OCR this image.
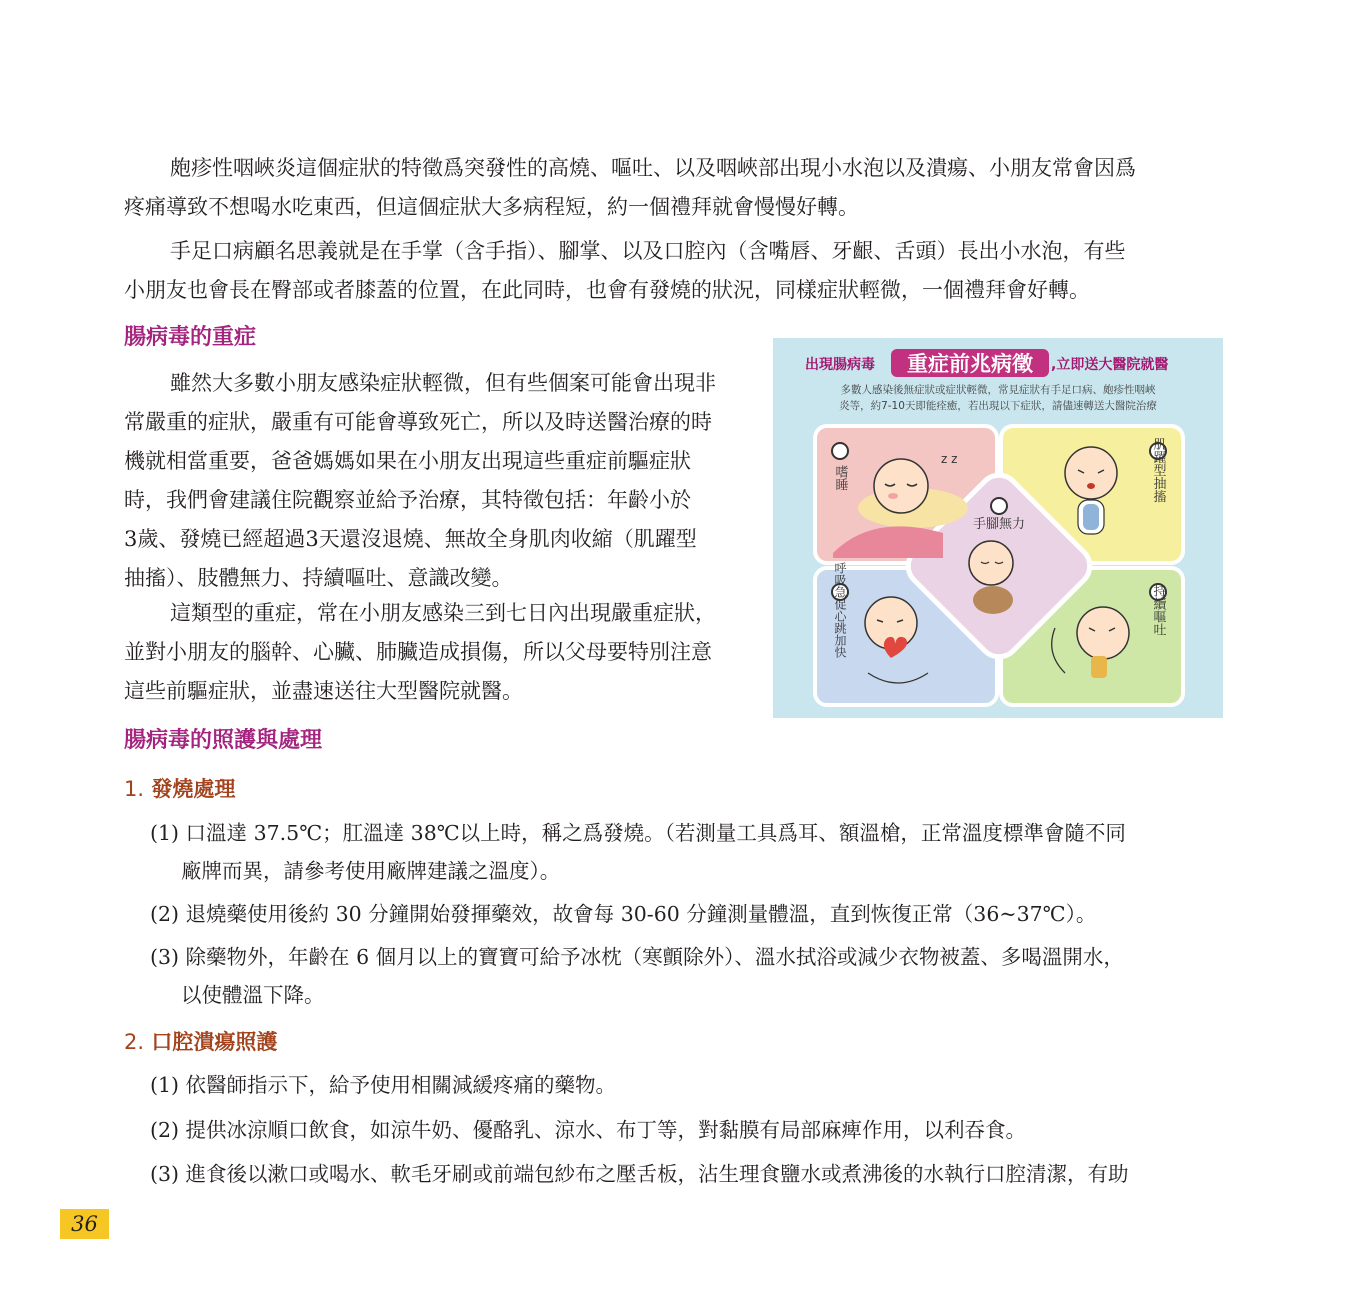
皰疹性咽峽炎這個症狀的特徵爲突發性的高燒、嘔吐、以及咽峽部出現小水泡以及潰瘍、小朋友常會因爲

疼痛導致不想喝水吃東西，但這個症狀大多病程短，約一個禮拜就會慢慢好轉。

手足口病顧名思義就是在手掌（含手指）、腳掌、以及口腔內（含嘴唇、牙齦、舌頭）長出小水泡，有些

小朋友也會長在臀部或者膝蓋的位置，在此同時，也會有發燒的狀況，同樣症狀輕微，一個禮拜會好轉。

腸病毒的重症

雖然大多數小朋友感染症狀輕微，但有些個案可能會出現非

常嚴重的症狀，嚴重有可能會導致死亡，所以及時送醫治療的時

機就相當重要，爸爸媽媽如果在小朋友出現這些重症前驅症狀

時，我們會建議住院觀察並給予治療，其特徵包括：年齡小於

3歲、發燒已經超過3天還沒退燒、無故全身肌肉收縮（肌躍型

抽搐）、肢體無力、持續嘔吐、意識改變。

這類型的重症，常在小朋友感染三到七日內出現嚴重症狀，

並對小朋友的腦幹、心臟、肺臟造成損傷，所以父母要特別注意

這些前驅症狀，並盡速送往大型醫院就醫。

出現腸病毒 重症前兆病徵 ,立即送大醫院就醫
多數人感染後無症狀或症狀輕微，常見症狀有手足口病、皰疹性咽峽
炎等，約7-10天即能痊癒，若出現以下症狀，請儘速轉送大醫院治療
嗜睡	肌躍型抽搐
呼吸急促心跳加快	持續嘔吐
手腳無力
z z
腸病毒的照護與處理
1. 發燒處理

(1) 口溫達 37.5℃；肛溫達 38℃以上時，稱之爲發燒。（若測量工具爲耳、額溫槍，正常溫度標準會隨不同

廠牌而異，請參考使用廠牌建議之溫度）。

(2) 退燒藥使用後約 30 分鐘開始發揮藥效，故會每 30-60 分鐘測量體溫，直到恢復正常（36~37℃）。

(3) 除藥物外，年齡在 6 個月以上的寶寶可給予冰枕（寒顫除外）、溫水拭浴或減少衣物被蓋、多喝溫開水，

以使體溫下降。

2. 口腔潰瘍照護

(1) 依醫師指示下，給予使用相關減緩疼痛的藥物。

(2) 提供冰涼順口飲食，如涼牛奶、優酪乳、涼水、布丁等，對黏膜有局部麻痺作用，以利吞食。

(3) 進食後以漱口或喝水、軟毛牙刷或前端包紗布之壓舌板，沾生理食鹽水或煮沸後的水執行口腔清潔，有助

36
